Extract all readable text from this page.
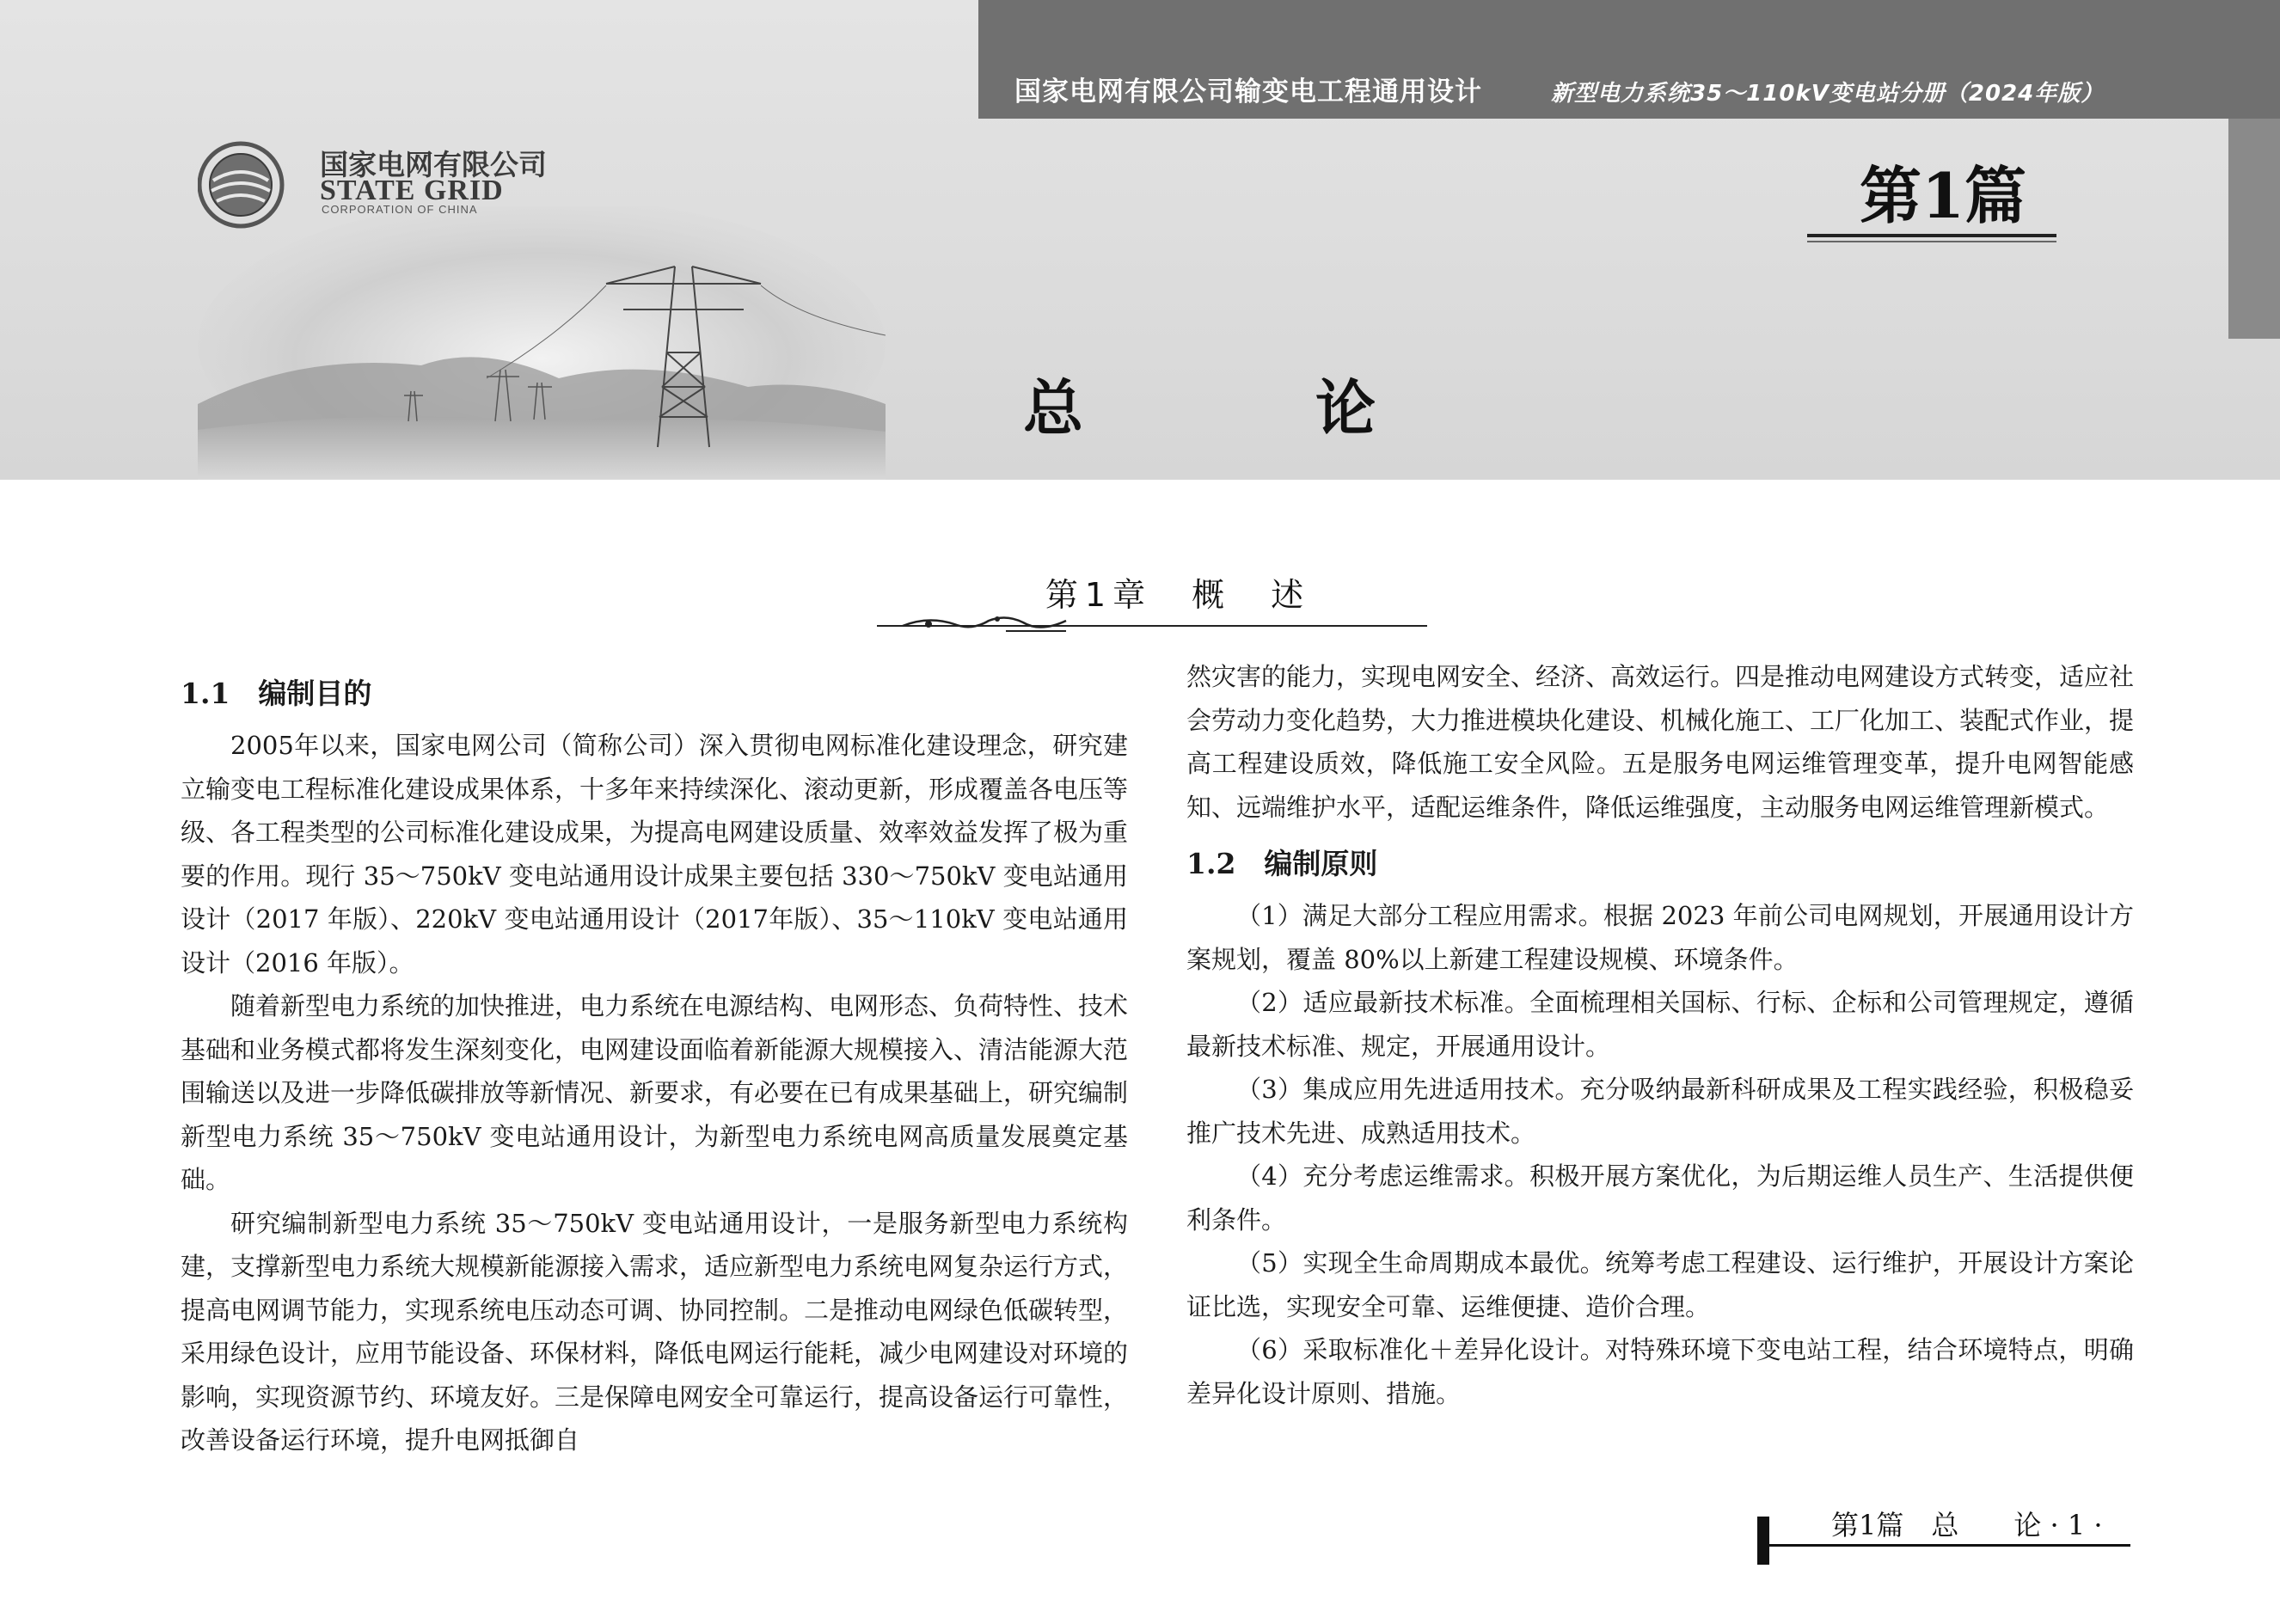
国家电网有限公司输变电工程通用设计	新型电力系统35～110kV变电站分册（2024年版）
国家电网有限公司
STATE GRID
CORPORATION OF CHINA	第1篇
总　论
第1章　概　述
1.1　编制目的

2005年以来，国家电网公司（简称公司）深入贯彻电网标准化建设理念，研究建立输变电工程标准化建设成果体系，十多年来持续深化、滚动更新，形成覆盖各电压等级、各工程类型的公司标准化建设成果，为提高电网建设质量、效率效益发挥了极为重要的作用。现行 35～750kV 变电站通用设计成果主要包括 330～750kV 变电站通用设计（2017 年版）、220kV 变电站通用设计（2017年版）、35～110kV 变电站通用设计（2016 年版）。

随着新型电力系统的加快推进，电力系统在电源结构、电网形态、负荷特性、技术基础和业务模式都将发生深刻变化，电网建设面临着新能源大规模接入、清洁能源大范围输送以及进一步降低碳排放等新情况、新要求，有必要在已有成果基础上，研究编制新型电力系统 35～750kV 变电站通用设计，为新型电力系统电网高质量发展奠定基础。

研究编制新型电力系统 35～750kV 变电站通用设计，一是服务新型电力系统构建，支撑新型电力系统大规模新能源接入需求，适应新型电力系统电网复杂运行方式，提高电网调节能力，实现系统电压动态可调、协同控制。二是推动电网绿色低碳转型，采用绿色设计，应用节能设备、环保材料，降低电网运行能耗，减少电网建设对环境的影响，实现资源节约、环境友好。三是保障电网安全可靠运行，提高设备运行可靠性，改善设备运行环境，提升电网抵御自

然灾害的能力，实现电网安全、经济、高效运行。四是推动电网建设方式转变，适应社会劳动力变化趋势，大力推进模块化建设、机械化施工、工厂化加工、装配式作业，提高工程建设质效，降低施工安全风险。五是服务电网运维管理变革，提升电网智能感知、远端维护水平，适配运维条件，降低运维强度，主动服务电网运维管理新模式。

1.2　编制原则

（1）满足大部分工程应用需求。根据 2023 年前公司电网规划，开展通用设计方案规划，覆盖 80%以上新建工程建设规模、环境条件。

（2）适应最新技术标准。全面梳理相关国标、行标、企标和公司管理规定，遵循最新技术标准、规定，开展通用设计。

（3）集成应用先进适用技术。充分吸纳最新科研成果及工程实践经验，积极稳妥推广技术先进、成熟适用技术。

（4）充分考虑运维需求。积极开展方案优化，为后期运维人员生产、生活提供便利条件。

（5）实现全生命周期成本最优。统筹考虑工程建设、运行维护，开展设计方案论证比选，实现安全可靠、运维便捷、造价合理。

（6）采取标准化＋差异化设计。对特殊环境下变电站工程，结合环境特点，明确差异化设计原则、措施。

第1篇　总　　论 · 1 ·
